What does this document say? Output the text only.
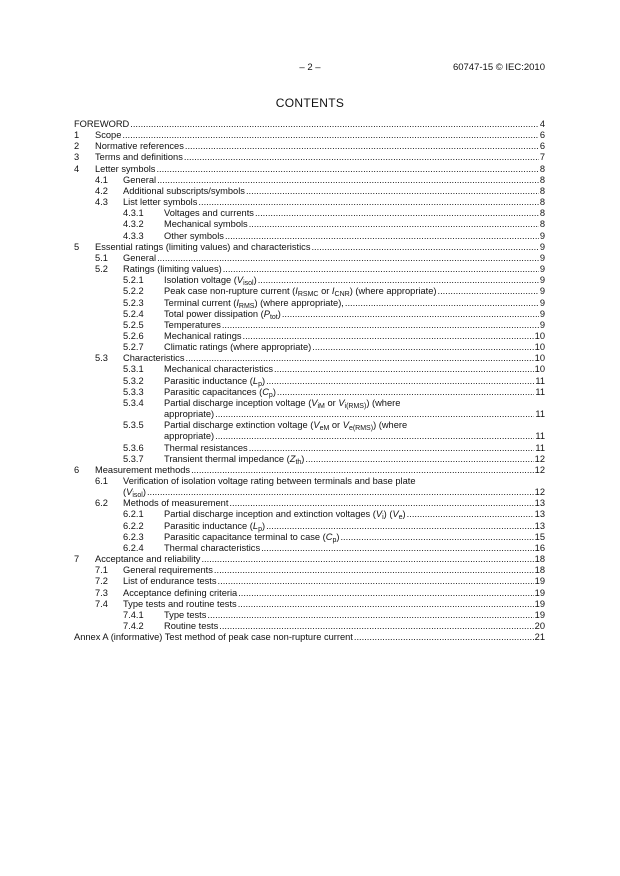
– 2 –	60747-15 © IEC:2010
CONTENTS
FOREWORD .....	4
1	Scope .....	6
2	Normative references .....	6
3	Terms and definitions .....	7
4	Letter symbols .....	8
4.1	General .....	8
4.2	Additional subscripts/symbols .....	8
4.3	List letter symbols .....	8
4.3.1	Voltages and currents .....	8
4.3.2	Mechanical symbols .....	8
4.3.3	Other symbols .....	9
5	Essential ratings (limiting values) and characteristics .....	9
5.1	General .....	9
5.2	Ratings (limiting values) .....	9
5.2.1	Isolation voltage $(V_{isol})$ .....	9
5.2.2	Peak case non-rupture current ($I_{RSMC}$ or $I_{CNR}$) (where appropriate) .....	9
5.2.3	Terminal current $(I_{RMS})$ (where appropriate), .....	9
5.2.4	Total power dissipation $(P_{tot})$ .....	9
5.2.5	Temperatures .....	9
5.2.6	Mechanical ratings .....	10
5.2.7	Climatic ratings (where appropriate) .....	10
5.3	Characteristics .....	10
5.3.1	Mechanical characteristics .....	10
5.3.2	Parasitic inductance $(L_p)$ .....	11
5.3.3	Parasitic capacitances $(C_p)$ .....	11
5.3.4	Partial discharge inception voltage ($V_{iM}$ or $V_{i(RMS)}$) (where
appropriate) .....	11
5.3.5	Partial discharge extinction voltage ($V_{eM}$ or $V_{e(RMS)}$) (where
appropriate) .....	11
5.3.6	Thermal resistances .....	11
5.3.7	Transient thermal impedance $(Z_{th})$ .....	12
6	Measurement methods .....	12
6.1	Verification of isolation voltage rating between terminals and base plate
$(V_{isol})$ .....	12
6.2	Methods of measurement .....	13
6.2.1	Partial discharge inception and extinction voltages $(V_i)$ $(V_e)$ .....	13
6.2.2	Parasitic inductance $(L_p)$ .....	13
6.2.3	Parasitic capacitance terminal to case $(C_p)$ .....	15
6.2.4	Thermal characteristics .....	16
7	Acceptance and reliability .....	18
7.1	General requirements .....	18
7.2	List of endurance tests .....	19
7.3	Acceptance defining criteria .....	19
7.4	Type tests and routine tests .....	19
7.4.1	Type tests .....	19
7.4.2	Routine tests .....	20
Annex A (informative) Test method of peak case non-rupture current .....	21
